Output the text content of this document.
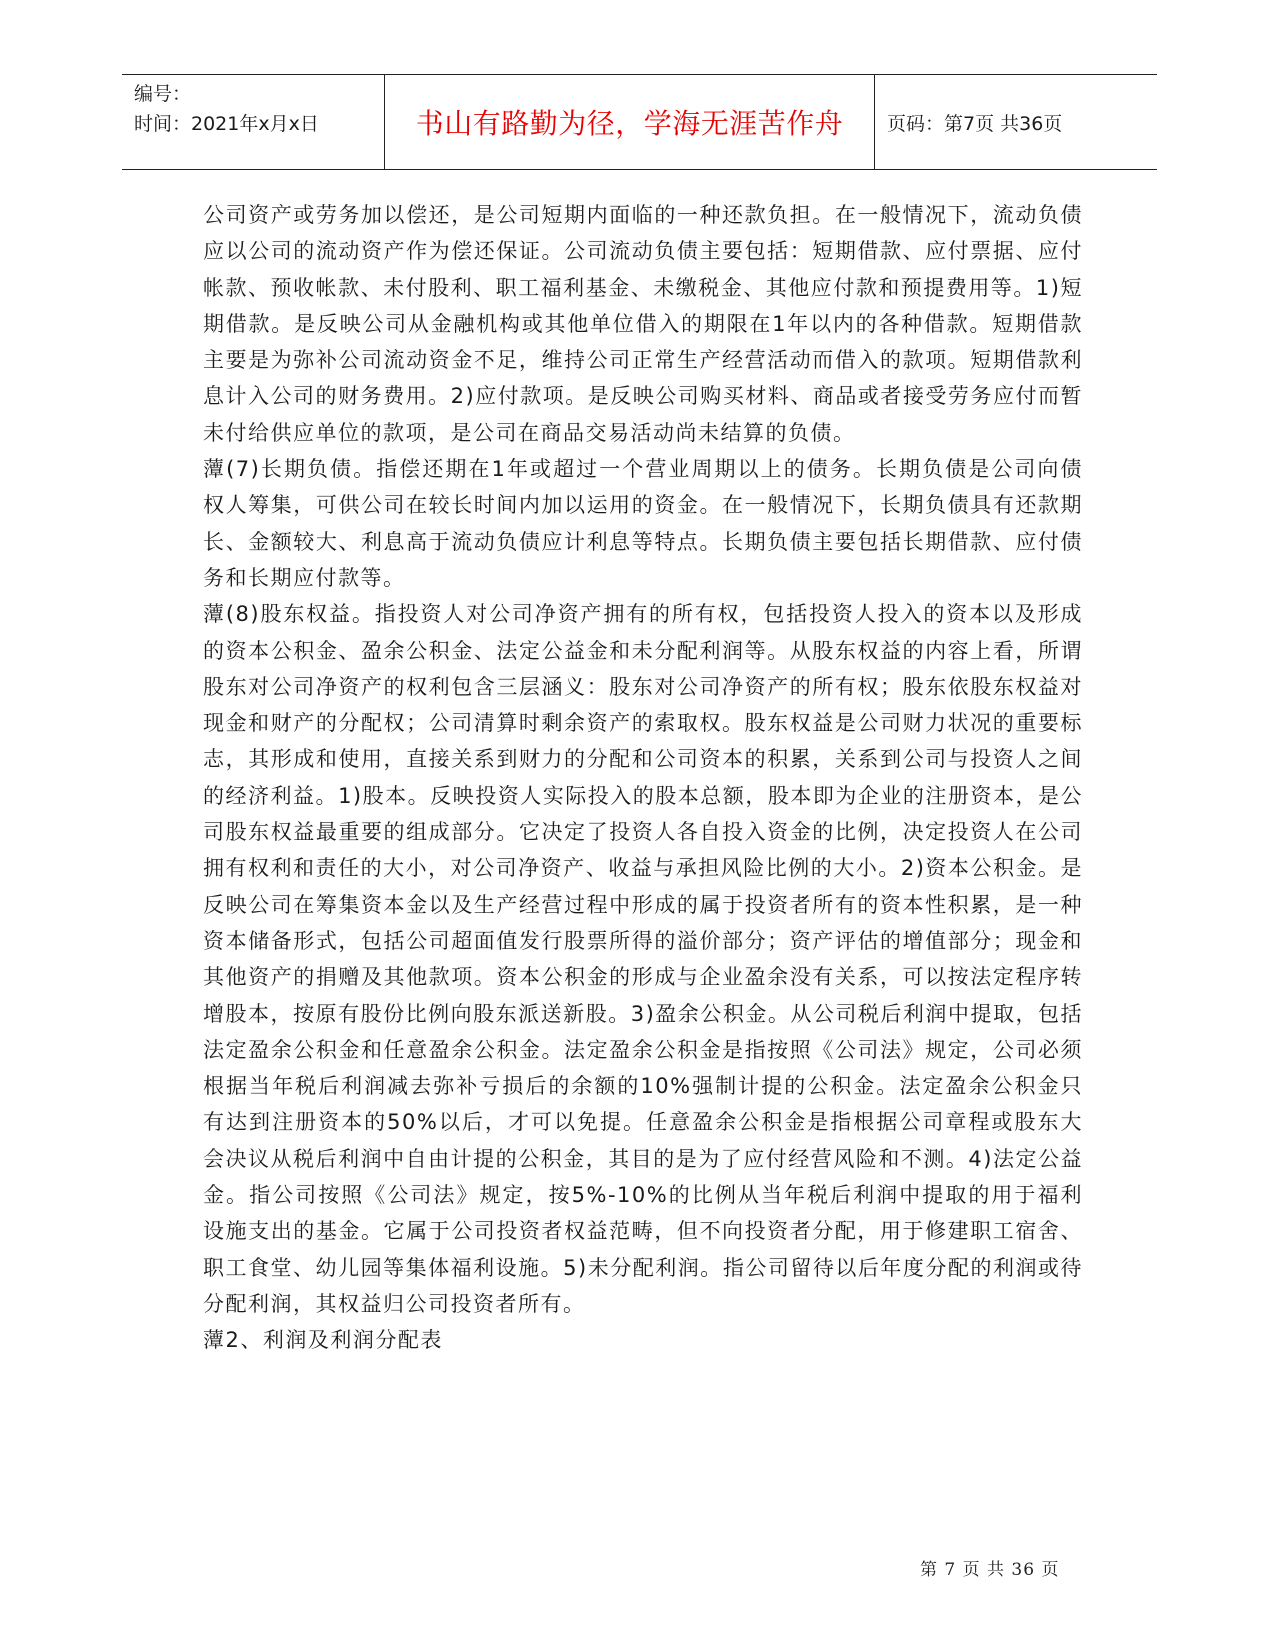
编号：
时间：2021年x月x日	书山有路勤为径，学海无涯苦作舟 页码：第7页 共36页

公司资产或劳务加以偿还，是公司短期内面临的一种还款负担。在一般情况下，流动负债应以公司的流动资产作为偿还保证。公司流动负债主要包括：短期借款、应付票据、应付帐款、预收帐款、未付股利、职工福利基金、未缴税金、其他应付款和预提费用等。1)短期借款。是反映公司从金融机构或其他单位借入的期限在1年以内的各种借款。短期借款主要是为弥补公司流动资金不足，维持公司正常生产经营活动而借入的款项。短期借款利息计入公司的财务费用。2)应付款项。是反映公司购买材料、商品或者接受劳务应付而暂未付给供应单位的款项，是公司在商品交易活动尚未结算的负债。

藫(7)长期负债。指偿还期在1年或超过一个营业周期以上的债务。长期负债是公司向债权人筹集，可供公司在较长时间内加以运用的资金。在一般情况下，长期负债具有还款期长、金额较大、利息高于流动负债应计利息等特点。长期负债主要包括长期借款、应付债务和长期应付款等。

藫(8)股东权益。指投资人对公司净资产拥有的所有权，包括投资人投入的资本以及形成的资本公积金、盈余公积金、法定公益金和未分配利润等。从股东权益的内容上看，所谓股东对公司净资产的权利包含三层涵义：股东对公司净资产的所有权；股东依股东权益对现金和财产的分配权；公司清算时剩余资产的索取权。股东权益是公司财力状况的重要标志，其形成和使用，直接关系到财力的分配和公司资本的积累，关系到公司与投资人之间的经济利益。1)股本。反映投资人实际投入的股本总额，股本即为企业的注册资本，是公司股东权益最重要的组成部分。它决定了投资人各自投入资金的比例，决定投资人在公司拥有权利和责任的大小，对公司净资产、收益与承担风险比例的大小。2)资本公积金。是反映公司在筹集资本金以及生产经营过程中形成的属于投资者所有的资本性积累，是一种资本储备形式，包括公司超面值发行股票所得的溢价部分；资产评估的增值部分；现金和其他资产的捐赠及其他款项。资本公积金的形成与企业盈余没有关系，可以按法定程序转增股本，按原有股份比例向股东派送新股。3)盈余公积金。从公司税后利润中提取，包括法定盈余公积金和任意盈余公积金。法定盈余公积金是指按照《公司法》规定，公司必须根据当年税后利润减去弥补亏损后的余额的10%强制计提的公积金。法定盈余公积金只有达到注册资本的50%以后，才可以免提。任意盈余公积金是指根据公司章程或股东大会决议从税后利润中自由计提的公积金，其目的是为了应付经营风险和不测。4)法定公益金。指公司按照《公司法》规定，按5%-10%的比例从当年税后利润中提取的用于福利设施支出的基金。它属于公司投资者权益范畴，但不向投资者分配，用于修建职工宿舍、职工食堂、幼儿园等集体福利设施。5)未分配利润。指公司留待以后年度分配的利润或待分配利润，其权益归公司投资者所有。

藫2、利润及利润分配表

第 7 页 共 36 页
